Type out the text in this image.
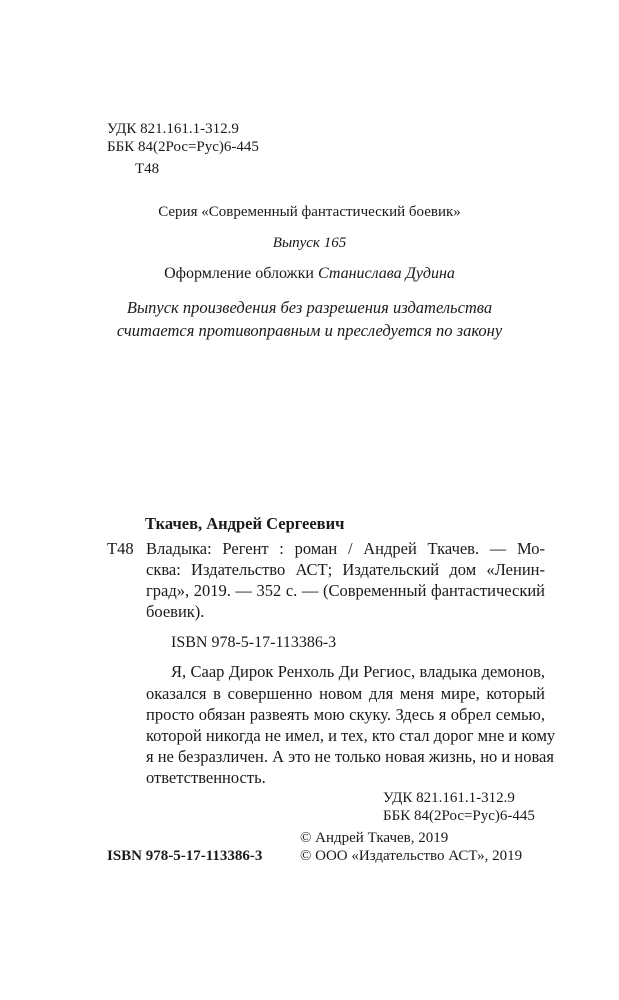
УДК 821.161.1-312.9
ББК 84(2Рос=Рус)6-445
Т48
Серия «Современный фантастический боевик»
Выпуск 165
Оформление обложки Станислава Дудина
Выпуск произведения без разрешения издательства
считается противоправным и преследуется по закону
Ткачев, Андрей Сергеевич
Т48 Владыка: Регент : роман / Андрей Ткачев. — Мо-
сква: Издательство АСТ; Издательский дом «Ленин-
град», 2019. — 352 с. — (Современный фантастический
боевик).
ISBN 978-5-17-113386-3
Я, Саар Дирок Ренхоль Ди Региос, владыка демонов,
оказался в совершенно новом для меня мире, который
просто обязан развеять мою скуку. Здесь я обрел семью,
которой никогда не имел, и тех, кто стал дорог мне и кому
я не безразличен. А это не только новая жизнь, но и новая
ответственность.
УДК 821.161.1-312.9
ББК 84(2Рос=Рус)6-445
© Андрей Ткачев, 2019
ISBN 978-5-17-113386-3	© ООО «Издательство АСТ», 2019
